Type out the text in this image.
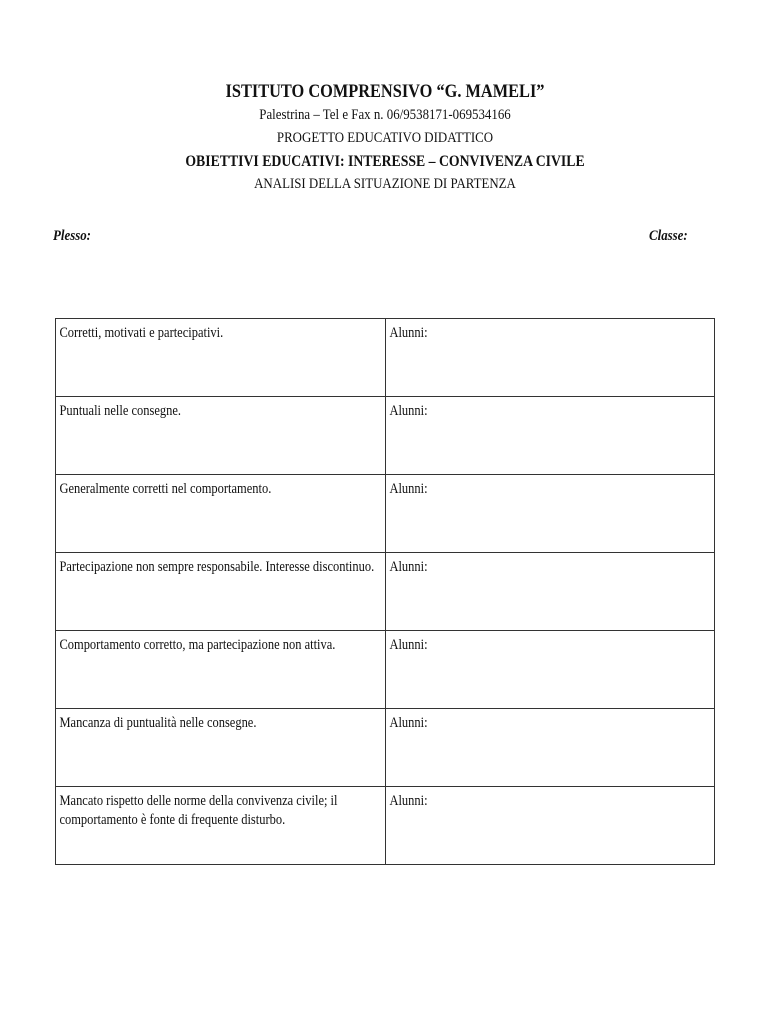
ISTITUTO COMPRENSIVO “G. MAMELI”
Palestrina – Tel e Fax n. 06/9538171-069534166
PROGETTO EDUCATIVO DIDATTICO
OBIETTIVI EDUCATIVI: INTERESSE – CONVIVENZA CIVILE
ANALISI DELLA SITUAZIONE DI PARTENZA
Plesso:	Classe:
Corretti, motivati e partecipativi.	Alunni:

Puntuali nelle consegne.	Alunni:

Generalmente corretti nel comportamento.	Alunni:

Partecipazione non sempre responsabile. Interesse discontinuo.	Alunni:

Comportamento corretto, ma partecipazione non attiva.	Alunni:

Mancanza di puntualità nelle consegne.	Alunni:

Mancato rispetto delle norme della convivenza civile; il comportamento è fonte di frequente disturbo.	Alunni:
